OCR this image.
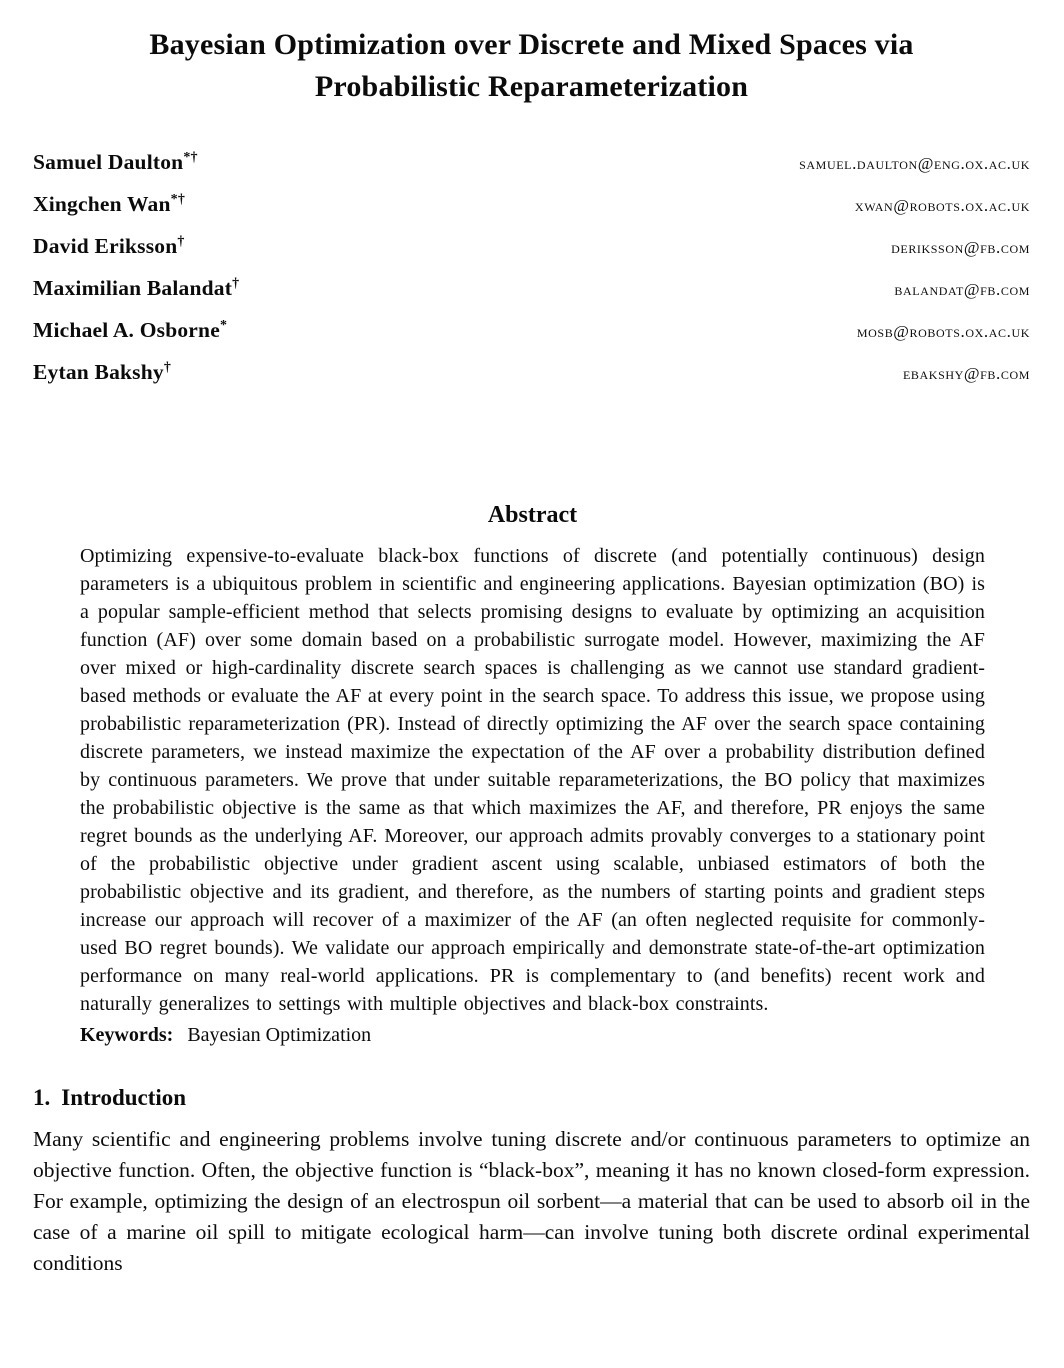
Bayesian Optimization over Discrete and Mixed Spaces via
Probabilistic Reparameterization
Samuel Daulton*†	samuel.daulton@eng.ox.ac.uk
Xingchen Wan*†	xwan@robots.ox.ac.uk
David Eriksson†	deriksson@fb.com
Maximilian Balandat†	balandat@fb.com
Michael A. Osborne*	mosb@robots.ox.ac.uk
Eytan Bakshy†	ebakshy@fb.com
Abstract

Optimizing expensive-to-evaluate black-box functions of discrete (and potentially continuous) design parameters is a ubiquitous problem in scientific and engineering applications. Bayesian optimization (BO) is a popular sample-efficient method that selects promising designs to evaluate by optimizing an acquisition function (AF) over some domain based on a probabilistic surrogate model. However, maximizing the AF over mixed or high-cardinality discrete search spaces is challenging as we cannot use standard gradient-based methods or evaluate the AF at every point in the search space. To address this issue, we propose using probabilistic reparameterization (PR). Instead of directly optimizing the AF over the search space containing discrete parameters, we instead maximize the expectation of the AF over a probability distribution defined by continuous parameters. We prove that under suitable reparameterizations, the BO policy that maximizes the probabilistic objective is the same as that which maximizes the AF, and therefore, PR enjoys the same regret bounds as the underlying AF. Moreover, our approach admits provably converges to a stationary point of the probabilistic objective under gradient ascent using scalable, unbiased estimators of both the probabilistic objective and its gradient, and therefore, as the numbers of starting points and gradient steps increase our approach will recover of a maximizer of the AF (an often neglected requisite for commonly-used BO regret bounds). We validate our approach empirically and demonstrate state-of-the-art optimization performance on many real-world applications. PR is complementary to (and benefits) recent work and naturally generalizes to settings with multiple objectives and black-box constraints.

Keywords: Bayesian Optimization

1. Introduction

Many scientific and engineering problems involve tuning discrete and/or continuous parameters to optimize an objective function. Often, the objective function is “black-box”, meaning it has no known closed-form expression. For example, optimizing the design of an electrospun oil sorbent—a material that can be used to absorb oil in the case of a marine oil spill to mitigate ecological harm—can involve tuning both discrete ordinal experimental conditions
